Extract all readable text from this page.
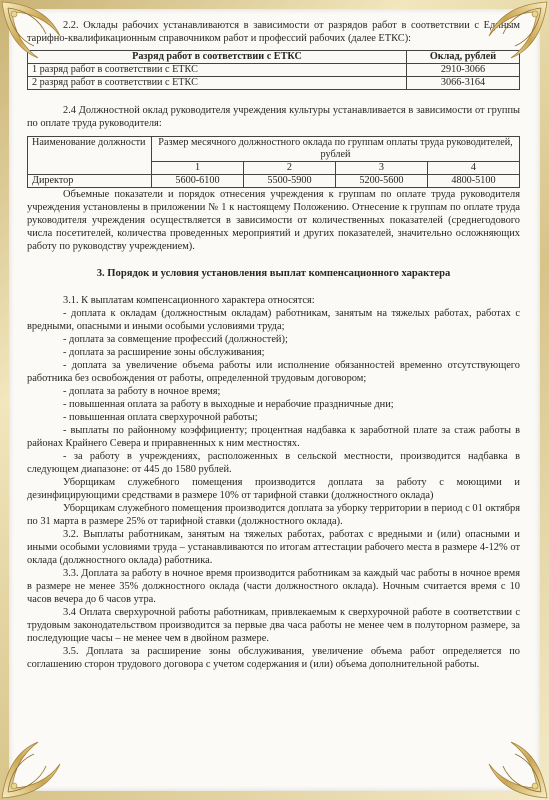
2.2. Оклады рабочих устанавливаются в зависимости от разрядов работ в соответствии с Единым тарифно-квалификационным справочником работ и профессий рабочих (далее ЕТКС):

Разряд работ в соответствии с ЕТКС	Оклад, рублей
1 разряд работ в соответствии с ЕТКС	2910-3066
2 разряд работ в соответствии с ЕТКС	3066-3164

2.4 Должностной оклад руководителя учреждения культуры устанавливается в зависимости от группы по оплате труда руководителя:

Наименование должности	Размер месячного должностного оклада по группам оплаты труда руководителей, рублей			
	1	2	3	4
Директор	5600-6100	5500-5900	5200-5600	4800-5100

Объемные показатели и порядок отнесения учреждения к группам по оплате труда руководителя учреждения установлены в приложении № 1 к настоящему Положению. Отнесение к группам по оплате труда руководителя учреждения осуществляется в зависимости от количественных показателей (среднегодового числа посетителей, количества проведенных мероприятий и других показателей, значительно осложняющих работу по руководству учреждением).

3. Порядок и условия установления выплат компенсационного характера

3.1. К выплатам компенсационного характера относятся:

- доплата к окладам (должностным окладам) работникам, занятым на тяжелых работах, работах с вредными, опасными и иными особыми условиями труда;

- доплата за совмещение профессий (должностей);

- доплата за расширение зоны обслуживания;

- доплата за увеличение объема работы или исполнение обязанностей временно отсутствующего работника без освобождения от работы, определенной трудовым договором;

- доплата за работу в ночное время;

- повышенная оплата за работу в выходные и нерабочие праздничные дни;

- повышенная оплата сверхурочной работы;

- выплаты по районному коэффициенту; процентная надбавка к заработной плате за стаж работы в районах Крайнего Севера и приравненных к ним местностях.

- за работу в учреждениях, расположенных в сельской местности, производится надбавка в следующем диапазоне: от 445 до 1580 рублей.

Уборщикам служебного помещения производится доплата за работу с моющими и дезинфицирующими средствами в размере 10% от тарифной ставки (должностного оклада)

Уборщикам служебного помещения производится доплата за уборку территории в период с 01 октября по 31 марта в размере 25% от тарифной ставки (должностного оклада).

3.2. Выплаты работникам, занятым на тяжелых работах, работах с вредными и (или) опасными и иными особыми условиями труда – устанавливаются по итогам аттестации рабочего места в размере 4-12% от оклада (должностного оклада) работника.

3.3. Доплата за работу в ночное время производится работникам за каждый час работы в ночное время в размере не менее 35% должностного оклада (части должностного оклада). Ночным считается время с 10 часов вечера до 6 часов утра.

3.4 Оплата сверхурочной работы работникам, привлекаемым к сверхурочной работе в соответствии с трудовым законодательством производится за первые два часа работы не менее чем в полуторном размере, за последующие часы – не менее чем в двойном размере.

3.5. Доплата за расширение зоны обслуживания, увеличение объема работ определяется по соглашению сторон трудового договора с учетом содержания и (или) объема дополнительной работы.
